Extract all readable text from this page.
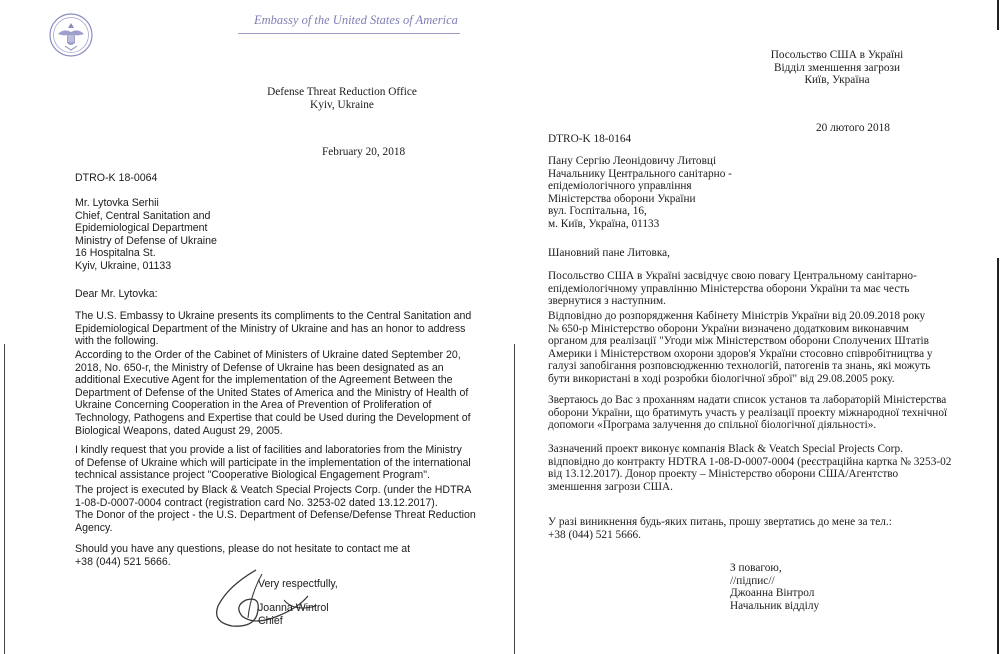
Embassy of the United States of America
Defense Threat Reduction Office
Kyiv, Ukraine
February 20, 2018
DTRO-K 18-0064
Mr. Lytovka Serhii
Chief, Central Sanitation and
Epidemiological Department
Ministry of Defense of Ukraine
16 Hospitalna St.
Kyiv, Ukraine, 01133
Dear Mr. Lytovka:
The U.S. Embassy to Ukraine presents its compliments to the Central Sanitation and
Epidemiological Department of the Ministry of Ukraine and has an honor to address
with the following.
According to the Order of the Cabinet of Ministers of Ukraine dated September 20,
2018, No. 650-r, the Ministry of Defense of Ukraine has been designated as an
additional Executive Agent for the implementation of the Agreement Between the
Department of Defense of the United States of America and the Ministry of Health of
Ukraine Concerning Cooperation in the Area of Prevention of Proliferation of
Technology, Pathogens and Expertise that could be Used during the Development of
Biological Weapons, dated August 29, 2005.
I kindly request that you provide a list of facilities and laboratories from the Ministry
of Defense of Ukraine which will participate in the implementation of the international
technical assistance project "Cooperative Biological Engagement Program".
The project is executed by Black & Veatch Special Projects Corp. (under the HDTRA
1-08-D-0007-0004 contract (registration card No. 3253-02 dated 13.12.2017).
The Donor of the project - the U.S. Department of Defense/Defense Threat Reduction
Agency.
Should you have any questions, please do not hesitate to contact me at
+38 (044) 521 5666.
Very respectfully,
Joanna Wintrol
Chief
Посольство США в Україні
Відділ зменшення загрози
Київ, Україна
20 лютого 2018
DTRO-K 18-0164
Пану Сергію Леонідовичу Литовці
Начальнику Центрального санітарно -
епідеміологічного управління
Міністерства оборони України
вул. Госпітальна, 16,
м. Київ, Україна, 01133
Шановний пане Литовка,
Посольство США в Україні засвідчує свою повагу Центральному санітарно-
епідеміологічному управлінню Міністерства оборони України та має честь
звернутися з наступним.
Відповідно до розпорядження Кабінету Міністрів України від 20.09.2018 року
№ 650-р Міністерство оборони України визначено додатковим виконавчим
органом для реалізації "Угоди між Міністерством оборони Сполучених Штатів
Америки і Міністерством охорони здоров'я України стосовно співробітництва у
галузі запобігання розповсюдженню технологій, патогенів та знань, які можуть
бути використані в ході розробки біологічної зброї" від 29.08.2005 року.
Звертаюсь до Вас з проханням надати список установ та лабораторій Міністерства
оборони України, що братимуть участь у реалізації проекту міжнародної технічної
допомоги «Програма залучення до спільної біологічної діяльності».
Зазначений проект виконує компанія Black & Veatch Special Projects Corp.
відповідно до контракту HDTRA 1-08-D-0007-0004 (реєстраційна картка № 3253-02
від 13.12.2017). Донор проекту – Міністерство оборони США/Агентство
зменшення загрози США.
У разі виникнення будь-яких питань, прошу звертатись до мене за тел.:
+38 (044) 521 5666.
З повагою,
//підпис//
Джоанна Вінтрол
Начальник відділу
